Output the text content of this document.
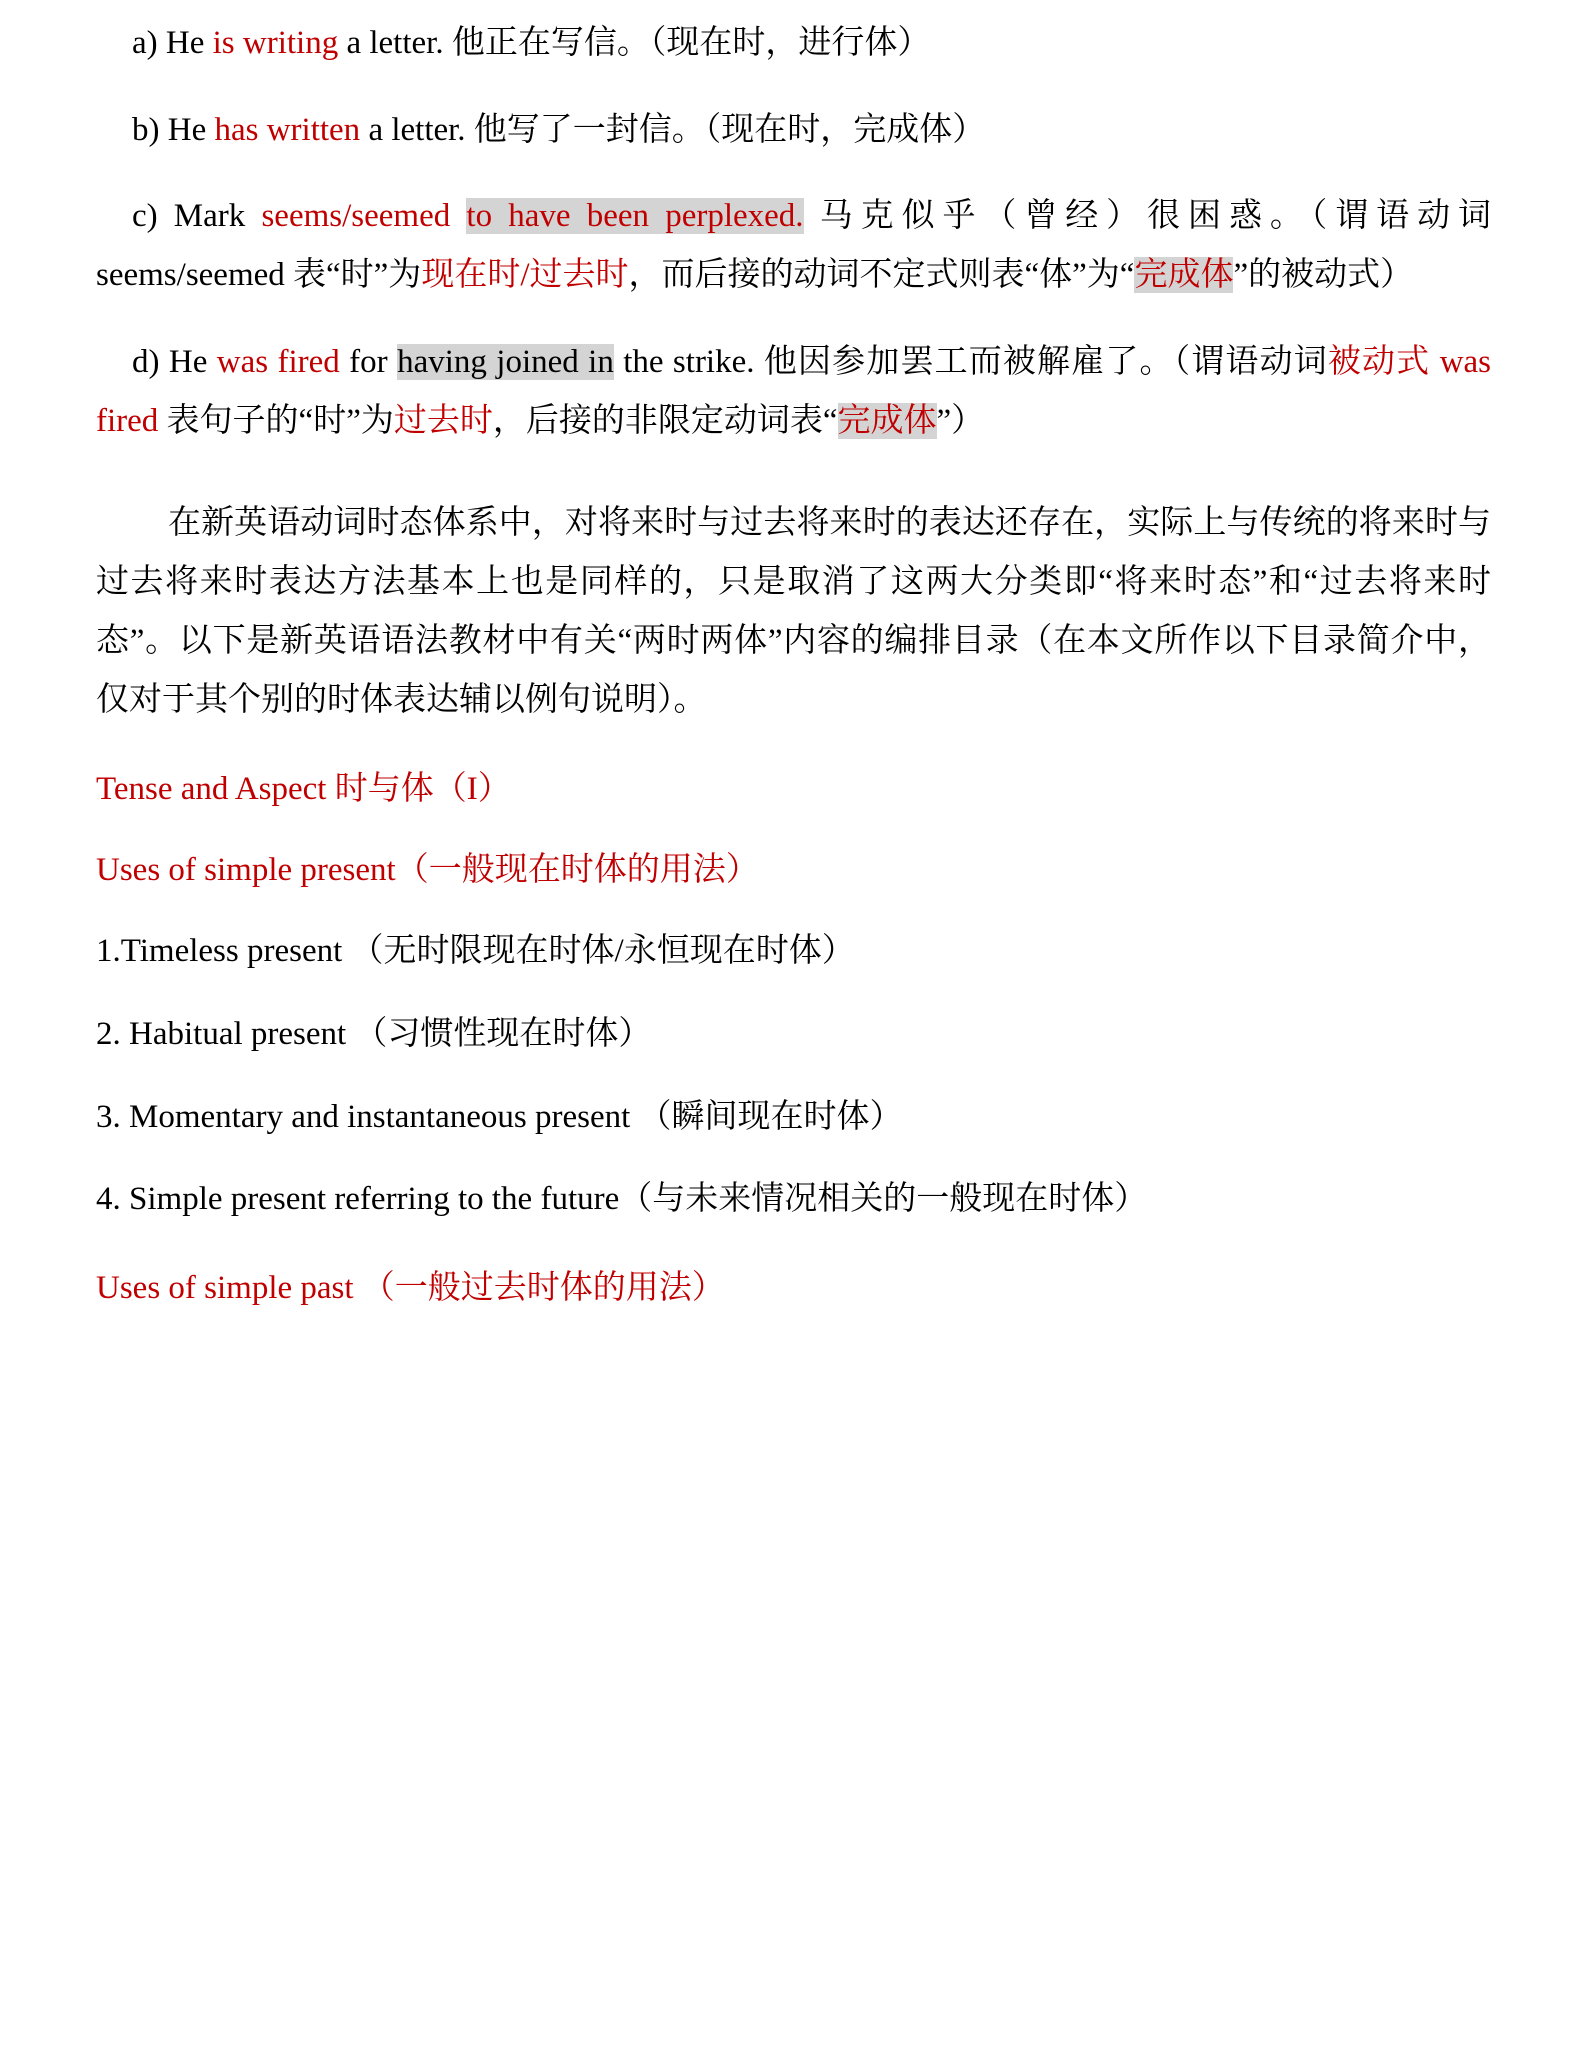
a) He is writing a letter. 他正在写信。（现在时，进行体）

b) He has written a letter. 他写了一封信。（现在时，完成体）

c) Mark seems/seemed to have been perplexed. 马克似乎（曾经）很困惑。（谓语动词 seems/seemed 表“时”为现在时/过去时，而后接的动词不定式则表“体”为“完成体”的被动式）

d) He was fired for having joined in the strike. 他因参加罢工而被解雇了。（谓语动词被动式 was fired 表句子的“时”为过去时，后接的非限定动词表“完成体”）

在新英语动词时态体系中，对将来时与过去将来时的表达还存在，实际上与传统的将来时与过去将来时表达方法基本上也是同样的，只是取消了这两大分类即“将来时态”和“过去将来时态”。以下是新英语语法教材中有关“两时两体”内容的编排目录（在本文所作以下目录简介中，仅对于其个别的时体表达辅以例句说明）。

Tense and Aspect 时与体（I）

Uses of simple present（一般现在时体的用法）

1.Timeless present （无时限现在时体/永恒现在时体）

2. Habitual present （习惯性现在时体）

3. Momentary and instantaneous present （瞬间现在时体）

4. Simple present referring to the future（与未来情况相关的一般现在时体）

Uses of simple past （一般过去时体的用法）
